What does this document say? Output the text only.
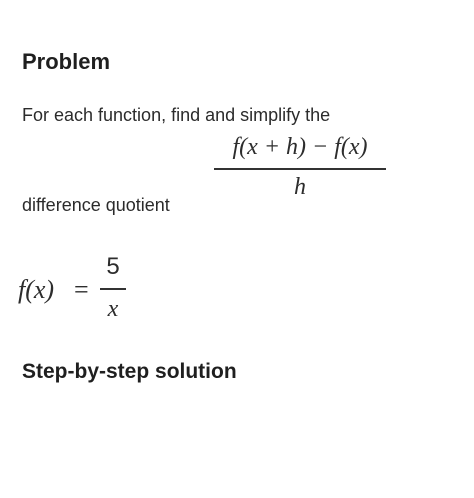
Problem
For each function, find and simplify the
f(x + h) − f(x)
h
difference quotient
f(x) =
5
x
Step-by-step solution
